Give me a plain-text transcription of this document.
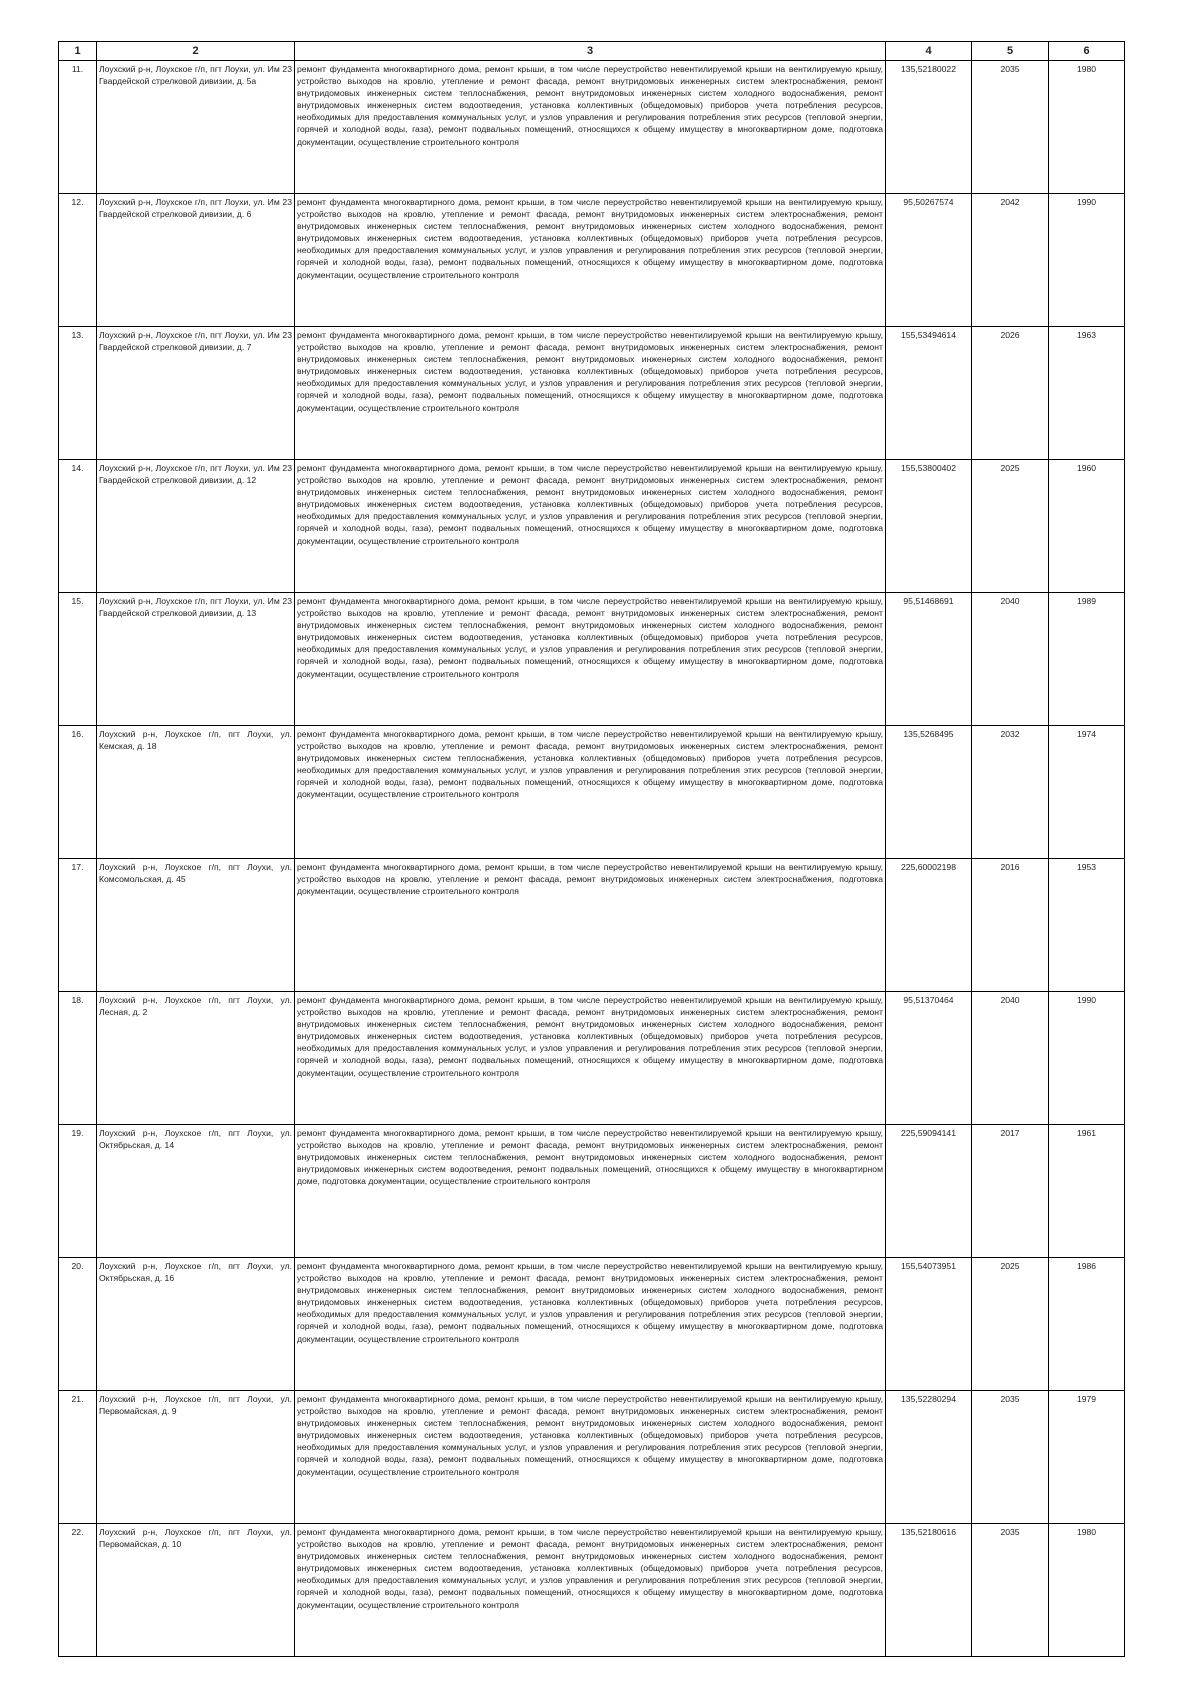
1	2	3	4	5	6
11.	Лоухский р-н, Лоухское г/п, пгт Лоухи, ул. Им 23 Гвардейской стрелковой дивизии, д. 5а	ремонт фундамента многоквартирного дома, ремонт крыши, в том числе переустройство невентилируемой крыши на вентилируемую крышу, устройство выходов на кровлю, утепление и ремонт фасада, ремонт внутридомовых инженерных систем электроснабжения, ремонт внутридомовых инженерных систем теплоснабжения, ремонт внутридомовых инженерных систем холодного водоснабжения, ремонт внутридомовых инженерных систем водоотведения, установка коллективных (общедомовых) приборов учета потребления ресурсов, необходимых для предоставления коммунальных услуг, и узлов управления и регулирования потребления этих ресурсов (тепловой энергии, горячей и холодной воды, газа), ремонт подвальных помещений, относящихся к общему имуществу в многоквартирном доме, подготовка документации, осуществление строительного контроля	135,52180022	2035	1980
12.	Лоухский р-н, Лоухское г/п, пгт Лоухи, ул. Им 23 Гвардейской стрелковой дивизии, д. 6	ремонт фундамента многоквартирного дома, ремонт крыши, в том числе переустройство невентилируемой крыши на вентилируемую крышу, устройство выходов на кровлю, утепление и ремонт фасада, ремонт внутридомовых инженерных систем электроснабжения, ремонт внутридомовых инженерных систем теплоснабжения, ремонт внутридомовых инженерных систем холодного водоснабжения, ремонт внутридомовых инженерных систем водоотведения, установка коллективных (общедомовых) приборов учета потребления ресурсов, необходимых для предоставления коммунальных услуг, и узлов управления и регулирования потребления этих ресурсов (тепловой энергии, горячей и холодной воды, газа), ремонт подвальных помещений, относящихся к общему имуществу в многоквартирном доме, подготовка документации, осуществление строительного контроля	95,50267574	2042	1990
13.	Лоухский р-н, Лоухское г/п, пгт Лоухи, ул. Им 23 Гвардейской стрелковой дивизии, д. 7	ремонт фундамента многоквартирного дома, ремонт крыши, в том числе переустройство невентилируемой крыши на вентилируемую крышу, устройство выходов на кровлю, утепление и ремонт фасада, ремонт внутридомовых инженерных систем электроснабжения, ремонт внутридомовых инженерных систем теплоснабжения, ремонт внутридомовых инженерных систем холодного водоснабжения, ремонт внутридомовых инженерных систем водоотведения, установка коллективных (общедомовых) приборов учета потребления ресурсов, необходимых для предоставления коммунальных услуг, и узлов управления и регулирования потребления этих ресурсов (тепловой энергии, горячей и холодной воды, газа), ремонт подвальных помещений, относящихся к общему имуществу в многоквартирном доме, подготовка документации, осуществление строительного контроля	155,53494614	2026	1963
14.	Лоухский р-н, Лоухское г/п, пгт Лоухи, ул. Им 23 Гвардейской стрелковой дивизии, д. 12	ремонт фундамента многоквартирного дома, ремонт крыши, в том числе переустройство невентилируемой крыши на вентилируемую крышу, устройство выходов на кровлю, утепление и ремонт фасада, ремонт внутридомовых инженерных систем электроснабжения, ремонт внутридомовых инженерных систем теплоснабжения, ремонт внутридомовых инженерных систем холодного водоснабжения, ремонт внутридомовых инженерных систем водоотведения, установка коллективных (общедомовых) приборов учета потребления ресурсов, необходимых для предоставления коммунальных услуг, и узлов управления и регулирования потребления этих ресурсов (тепловой энергии, горячей и холодной воды, газа), ремонт подвальных помещений, относящихся к общему имуществу в многоквартирном доме, подготовка документации, осуществление строительного контроля	155,53800402	2025	1960
15.	Лоухский р-н, Лоухское г/п, пгт Лоухи, ул. Им 23 Гвардейской стрелковой дивизии, д. 13	ремонт фундамента многоквартирного дома, ремонт крыши, в том числе переустройство невентилируемой крыши на вентилируемую крышу, устройство выходов на кровлю, утепление и ремонт фасада, ремонт внутридомовых инженерных систем электроснабжения, ремонт внутридомовых инженерных систем теплоснабжения, ремонт внутридомовых инженерных систем холодного водоснабжения, ремонт внутридомовых инженерных систем водоотведения, установка коллективных (общедомовых) приборов учета потребления ресурсов, необходимых для предоставления коммунальных услуг, и узлов управления и регулирования потребления этих ресурсов (тепловой энергии, горячей и холодной воды, газа), ремонт подвальных помещений, относящихся к общему имуществу в многоквартирном доме, подготовка документации, осуществление строительного контроля	95,51468691	2040	1989
16.	Лоухский р-н, Лоухское г/п, пгт Лоухи, ул. Кемская, д. 18	ремонт фундамента многоквартирного дома, ремонт крыши, в том числе переустройство невентилируемой крыши на вентилируемую крышу, устройство выходов на кровлю, утепление и ремонт фасада, ремонт внутридомовых инженерных систем электроснабжения, ремонт внутридомовых инженерных систем теплоснабжения, установка коллективных (общедомовых) приборов учета потребления ресурсов, необходимых для предоставления коммунальных услуг, и узлов управления и регулирования потребления этих ресурсов (тепловой энергии, горячей и холодной воды, газа), ремонт подвальных помещений, относящихся к общему имуществу в многоквартирном доме, подготовка документации, осуществление строительного контроля	135,5268495	2032	1974
17.	Лоухский р-н, Лоухское г/п, пгт Лоухи, ул. Комсомольская, д. 45	ремонт фундамента многоквартирного дома, ремонт крыши, в том числе переустройство невентилируемой крыши на вентилируемую крышу, устройство выходов на кровлю, утепление и ремонт фасада, ремонт внутридомовых инженерных систем электроснабжения, подготовка документации, осуществление строительного контроля	225,60002198	2016	1953
18.	Лоухский р-н, Лоухское г/п, пгт Лоухи, ул. Лесная, д. 2	ремонт фундамента многоквартирного дома, ремонт крыши, в том числе переустройство невентилируемой крыши на вентилируемую крышу, устройство выходов на кровлю, утепление и ремонт фасада, ремонт внутридомовых инженерных систем электроснабжения, ремонт внутридомовых инженерных систем теплоснабжения, ремонт внутридомовых инженерных систем холодного водоснабжения, ремонт внутридомовых инженерных систем водоотведения, установка коллективных (общедомовых) приборов учета потребления ресурсов, необходимых для предоставления коммунальных услуг, и узлов управления и регулирования потребления этих ресурсов (тепловой энергии, горячей и холодной воды, газа), ремонт подвальных помещений, относящихся к общему имуществу в многоквартирном доме, подготовка документации, осуществление строительного контроля	95,51370464	2040	1990
19.	Лоухский р-н, Лоухское г/п, пгт Лоухи, ул. Октябрьская, д. 14	ремонт фундамента многоквартирного дома, ремонт крыши, в том числе переустройство невентилируемой крыши на вентилируемую крышу, устройство выходов на кровлю, утепление и ремонт фасада, ремонт внутридомовых инженерных систем электроснабжения, ремонт внутридомовых инженерных систем теплоснабжения, ремонт внутридомовых инженерных систем холодного водоснабжения, ремонт внутридомовых инженерных систем водоотведения, ремонт подвальных помещений, относящихся к общему имуществу в многоквартирном доме, подготовка документации, осуществление строительного контроля	225,59094141	2017	1961
20.	Лоухский р-н, Лоухское г/п, пгт Лоухи, ул. Октябрьская, д. 16	ремонт фундамента многоквартирного дома, ремонт крыши, в том числе переустройство невентилируемой крыши на вентилируемую крышу, устройство выходов на кровлю, утепление и ремонт фасада, ремонт внутридомовых инженерных систем электроснабжения, ремонт внутридомовых инженерных систем теплоснабжения, ремонт внутридомовых инженерных систем холодного водоснабжения, ремонт внутридомовых инженерных систем водоотведения, установка коллективных (общедомовых) приборов учета потребления ресурсов, необходимых для предоставления коммунальных услуг, и узлов управления и регулирования потребления этих ресурсов (тепловой энергии, горячей и холодной воды, газа), ремонт подвальных помещений, относящихся к общему имуществу в многоквартирном доме, подготовка документации, осуществление строительного контроля	155,54073951	2025	1986
21.	Лоухский р-н, Лоухское г/п, пгт Лоухи, ул. Первомайская, д. 9	ремонт фундамента многоквартирного дома, ремонт крыши, в том числе переустройство невентилируемой крыши на вентилируемую крышу, устройство выходов на кровлю, утепление и ремонт фасада, ремонт внутридомовых инженерных систем электроснабжения, ремонт внутридомовых инженерных систем теплоснабжения, ремонт внутридомовых инженерных систем холодного водоснабжения, ремонт внутридомовых инженерных систем водоотведения, установка коллективных (общедомовых) приборов учета потребления ресурсов, необходимых для предоставления коммунальных услуг, и узлов управления и регулирования потребления этих ресурсов (тепловой энергии, горячей и холодной воды, газа), ремонт подвальных помещений, относящихся к общему имуществу в многоквартирном доме, подготовка документации, осуществление строительного контроля	135,52280294	2035	1979
22.	Лоухский р-н, Лоухское г/п, пгт Лоухи, ул. Первомайская, д. 10	ремонт фундамента многоквартирного дома, ремонт крыши, в том числе переустройство невентилируемой крыши на вентилируемую крышу, устройство выходов на кровлю, утепление и ремонт фасада, ремонт внутридомовых инженерных систем электроснабжения, ремонт внутридомовых инженерных систем теплоснабжения, ремонт внутридомовых инженерных систем холодного водоснабжения, ремонт внутридомовых инженерных систем водоотведения, установка коллективных (общедомовых) приборов учета потребления ресурсов, необходимых для предоставления коммунальных услуг, и узлов управления и регулирования потребления этих ресурсов (тепловой энергии, горячей и холодной воды, газа), ремонт подвальных помещений, относящихся к общему имуществу в многоквартирном доме, подготовка документации, осуществление строительного контроля	135,52180616	2035	1980
